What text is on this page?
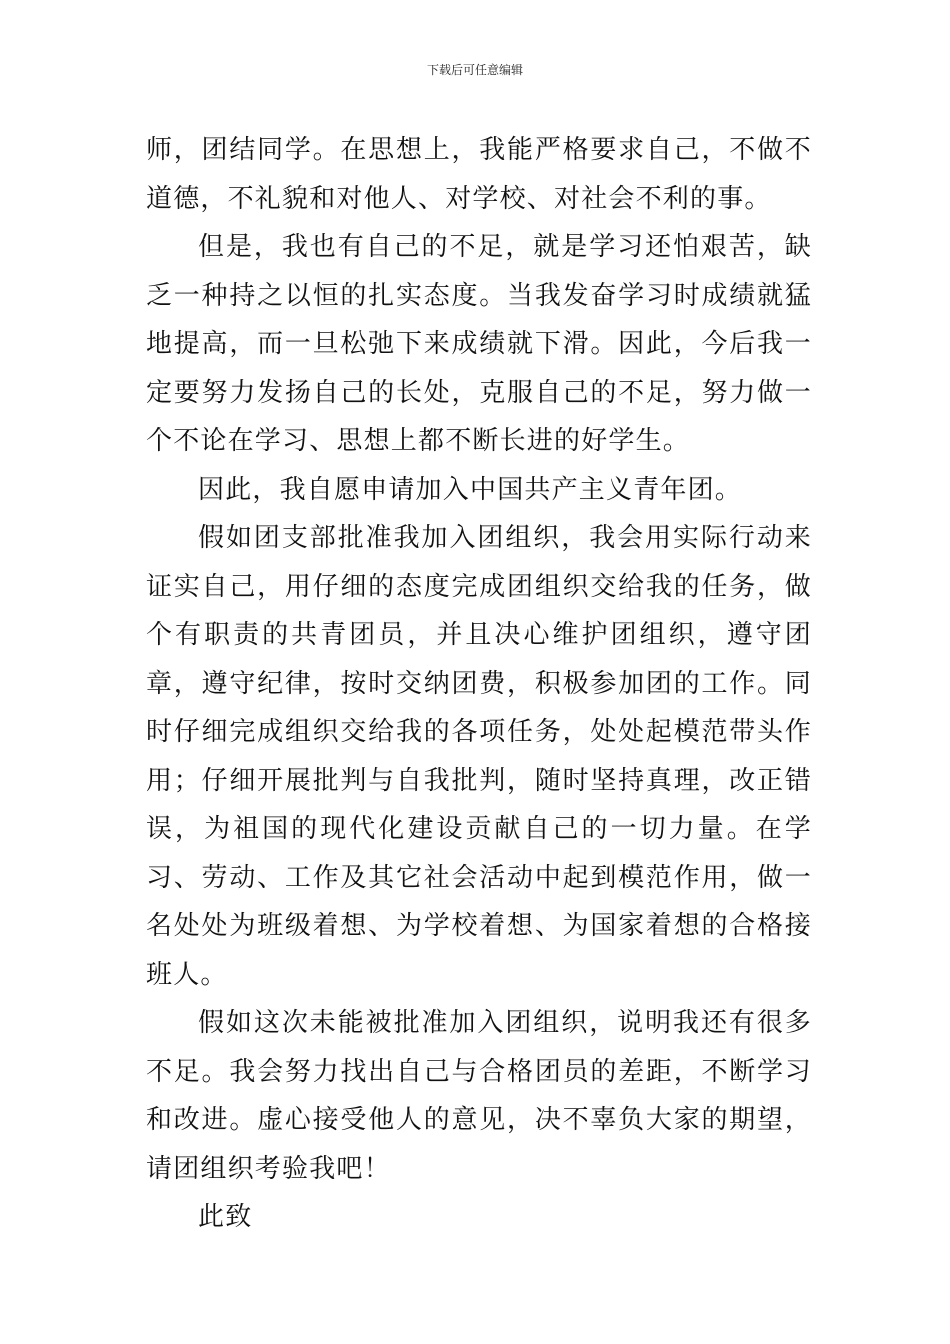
下载后可任意编辑

师，团结同学。在思想上，我能严格要求自己，不做不道德，不礼貌和对他人、对学校、对社会不利的事。

但是，我也有自己的不足，就是学习还怕艰苦，缺乏一种持之以恒的扎实态度。当我发奋学习时成绩就猛地提高，而一旦松弛下来成绩就下滑。因此，今后我一定要努力发扬自己的长处，克服自己的不足，努力做一个不论在学习、思想上都不断长进的好学生。

因此，我自愿申请加入中国共产主义青年团。

假如团支部批准我加入团组织，我会用实际行动来证实自己，用仔细的态度完成团组织交给我的任务，做个有职责的共青团员，并且决心维护团组织，遵守团章，遵守纪律，按时交纳团费，积极参加团的工作。同时仔细完成组织交给我的各项任务，处处起模范带头作用；仔细开展批判与自我批判，随时坚持真理，改正错误，为祖国的现代化建设贡献自己的一切力量。在学习、劳动、工作及其它社会活动中起到模范作用，做一名处处为班级着想、为学校着想、为国家着想的合格接班人。

假如这次未能被批准加入团组织，说明我还有很多不足。我会努力找出自己与合格团员的差距，不断学习和改进。虚心接受他人的意见，决不辜负大家的期望，请团组织考验我吧！

此致
